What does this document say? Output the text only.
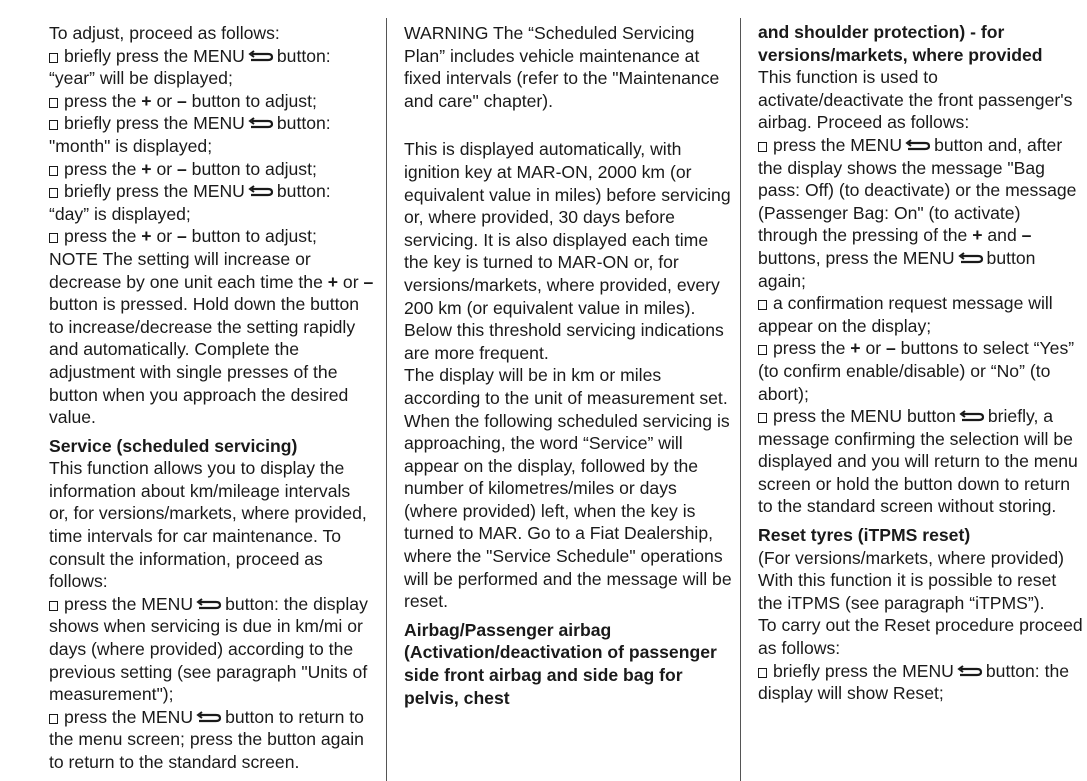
To adjust, proceed as follows:

briefly press the MENU button: “year” will be displayed;

press the + or – button to adjust;

briefly press the MENU button: "month" is displayed;

press the + or – button to adjust;

briefly press the MENU button: “day” is displayed;

press the + or – button to adjust;

NOTE The setting will increase or decrease by one unit each time the + or – button is pressed. Hold down the button to increase/decrease the setting rapidly and automatically. Complete the adjustment with single presses of the button when you approach the desired value.

Service (scheduled servicing)

This function allows you to display the information about km/mileage intervals or, for versions/markets, where provided, time intervals for car maintenance. To consult the information, proceed as follows:

press the MENU button: the display shows when servicing is due in km/mi or days (where provided) according to the previous setting (see paragraph "Units of measurement");

press the MENU button to return to the menu screen; press the button again to return to the standard screen.

WARNING The “Scheduled Servicing Plan” includes vehicle maintenance at fixed intervals (refer to the "Maintenance and care" chapter).

This is displayed automatically, with ignition key at MAR-ON, 2000 km (or equivalent value in miles) before servicing or, where provided, 30 days before servicing. It is also displayed each time the key is turned to MAR-ON or, for versions/markets, where provided, every 200 km (or equivalent value in miles). Below this threshold servicing indications are more frequent.

The display will be in km or miles according to the unit of measurement set. When the following scheduled servicing is approaching, the word “Service” will appear on the display, followed by the number of kilometres/miles or days (where provided) left, when the key is turned to MAR. Go to a Fiat Dealership, where the "Service Schedule" operations will be performed and the message will be reset.

Airbag/Passenger airbag (Activation/deactivation of passenger side front airbag and side bag for pelvis, chest

and shoulder protection) - for versions/markets, where provided

This function is used to activate/deactivate the front passenger's airbag. Proceed as follows:

press the MENU button and, after the display shows the message "Bag pass: Off) (to deactivate) or the message (Passenger Bag: On" (to activate) through the pressing of the + and – buttons, press the MENU button again;

a confirmation request message will appear on the display;

press the + or – buttons to select “Yes” (to confirm enable/disable) or “No” (to abort);

press the MENU button briefly, a message confirming the selection will be displayed and you will return to the menu screen or hold the button down to return to the standard screen without storing.

Reset tyres (iTPMS reset)

(For versions/markets, where provided) With this function it is possible to reset the iTPMS (see paragraph “iTPMS”).

To carry out the Reset procedure proceed as follows:

briefly press the MENU button: the display will show Reset;
